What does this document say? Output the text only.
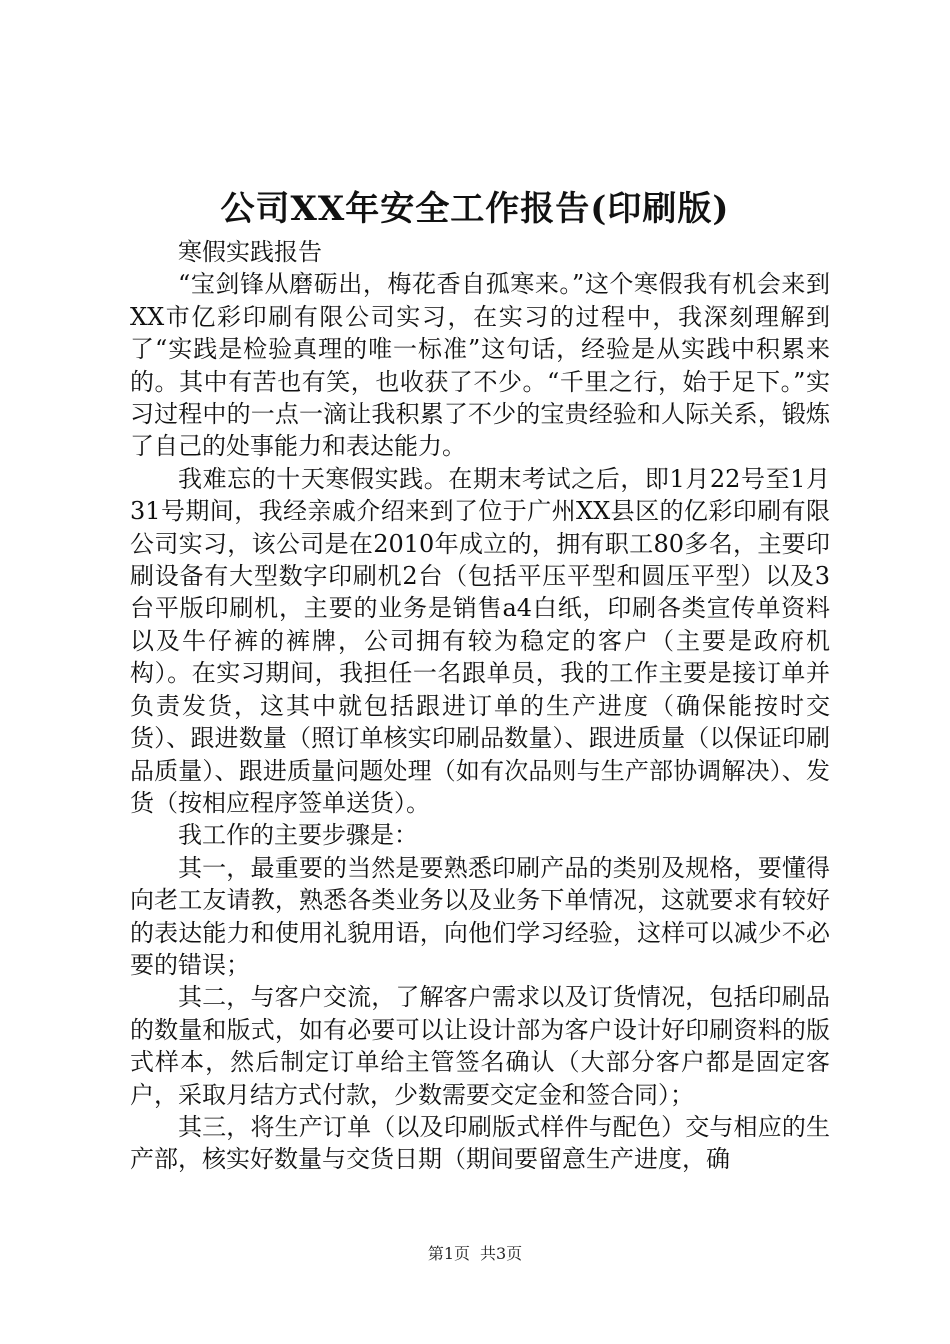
公司XX年安全工作报告(印刷版)

寒假实践报告

“宝剑锋从磨砺出，梅花香自孤寒来。”这个寒假我有机会来到XX市亿彩印刷有限公司实习，在实习的过程中，我深刻理解到了“实践是检验真理的唯一标准”这句话，经验是从实践中积累来的。其中有苦也有笑，也收获了不少。“千里之行，始于足下。”实习过程中的一点一滴让我积累了不少的宝贵经验和人际关系，锻炼了自己的处事能力和表达能力。

我难忘的十天寒假实践。在期末考试之后，即1月22号至1月31号期间，我经亲戚介绍来到了位于广州XX县区的亿彩印刷有限公司实习，该公司是在2010年成立的，拥有职工80多名，主要印刷设备有大型数字印刷机2台（包括平压平型和圆压平型）以及3台平版印刷机，主要的业务是销售a4白纸，印刷各类宣传单资料以及牛仔裤的裤牌，公司拥有较为稳定的客户（主要是政府机构）。在实习期间，我担任一名跟单员，我的工作主要是接订单并负责发货，这其中就包括跟进订单的生产进度（确保能按时交货）、跟进数量（照订单核实印刷品数量）、跟进质量（以保证印刷品质量）、跟进质量问题处理（如有次品则与生产部协调解决）、发货（按相应程序签单送货）。

我工作的主要步骤是：

其一，最重要的当然是要熟悉印刷产品的类别及规格，要懂得向老工友请教，熟悉各类业务以及业务下单情况，这就要求有较好的表达能力和使用礼貌用语，向他们学习经验，这样可以减少不必要的错误；

其二，与客户交流，了解客户需求以及订货情况，包括印刷品的数量和版式，如有必要可以让设计部为客户设计好印刷资料的版式样本，然后制定订单给主管签名确认（大部分客户都是固定客户，采取月结方式付款，少数需要交定金和签合同）；

其三，将生产订单（以及印刷版式样件与配色）交与相应的生产部，核实好数量与交货日期（期间要留意生产进度，确

第1页 共3页
